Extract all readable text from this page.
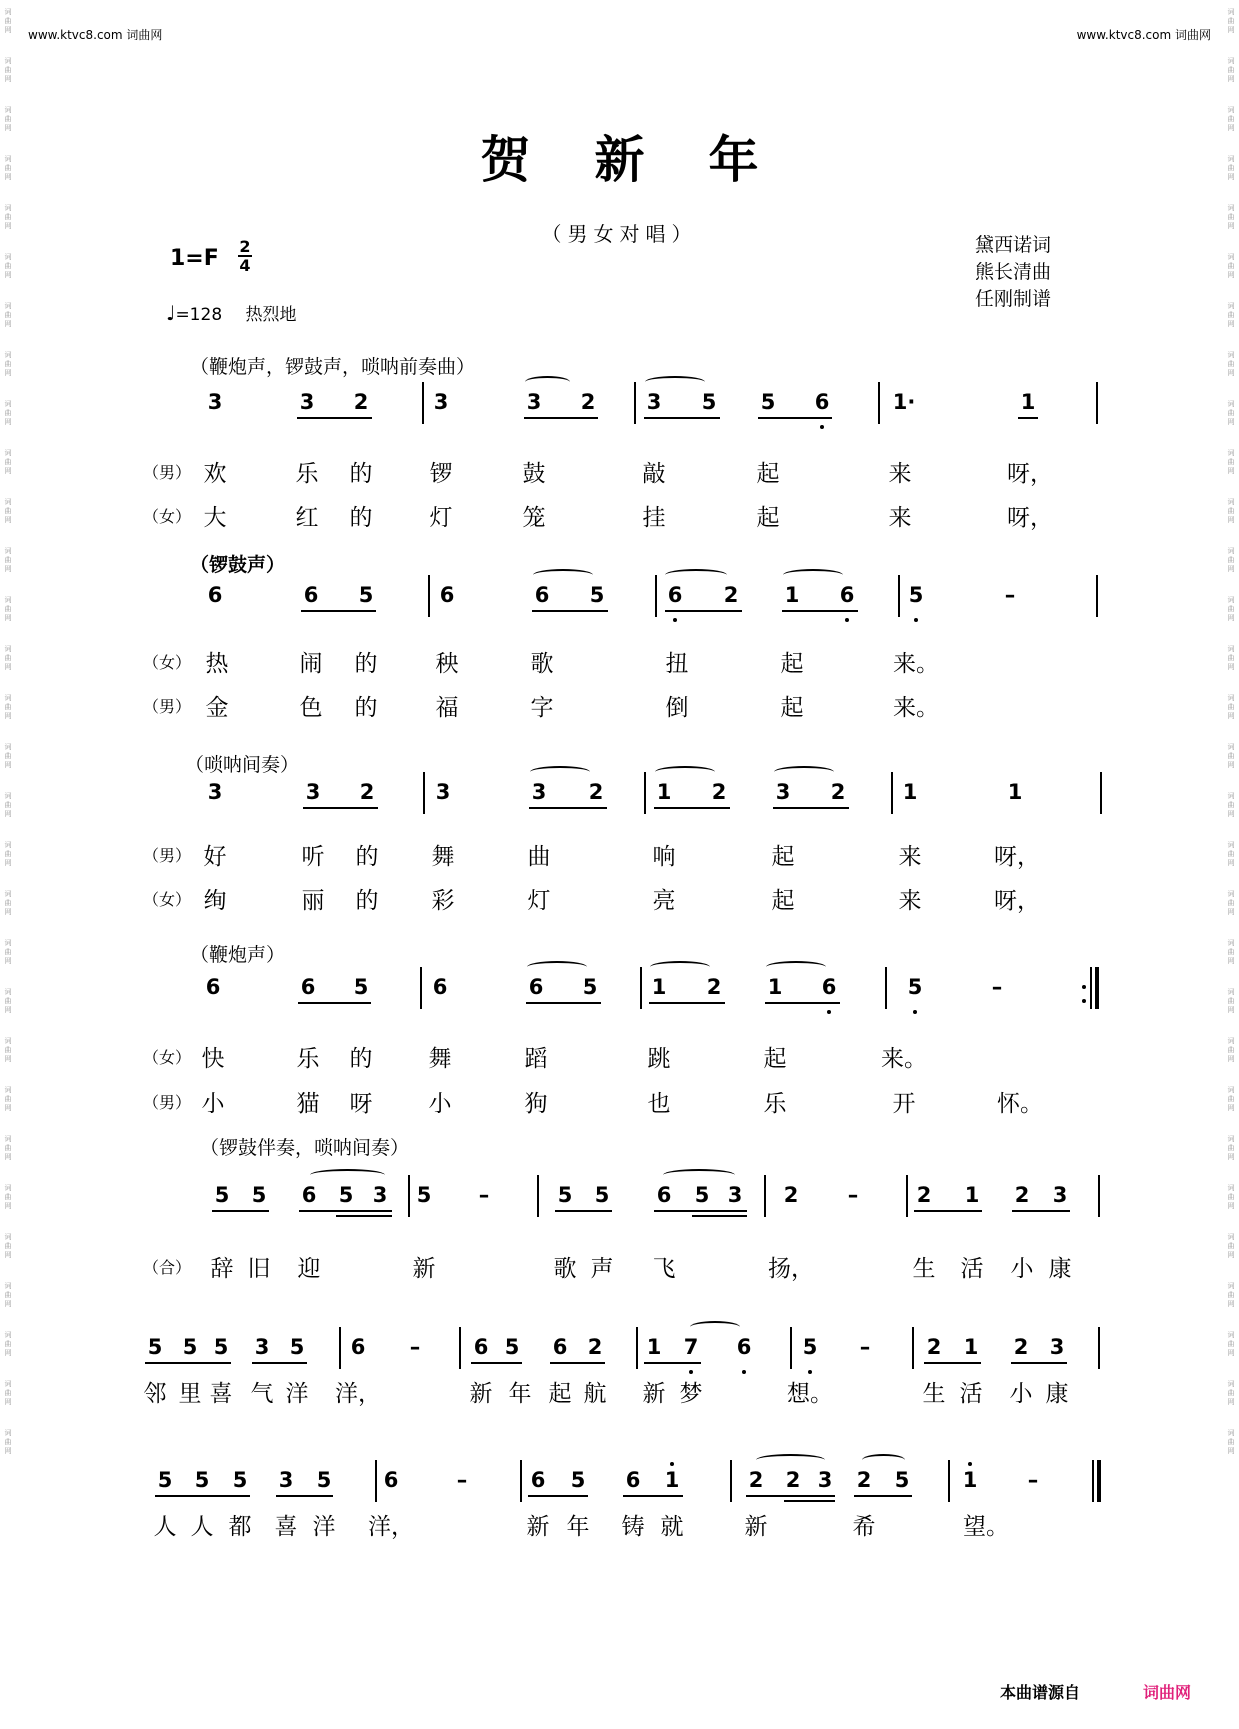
词
曲
网
词
曲
网
词
曲
网
词
曲
网
词
曲
网
词
曲
网
词
曲
网
词
曲
网
词
曲
网
词
曲
网
词
曲
网
词
曲
网
词
曲
网
词
曲
网
词
曲
网
词
曲
网
词
曲
网
词
曲
网
词
曲
网
词
曲
网
词
曲
网
词
曲
网
词
曲
网
词
曲
网
词
曲
网
词
曲
网
词
曲
网
词
曲
网
词
曲
网
词
曲
网
词
曲
网
词
曲
网
词
曲
网
词
曲
网
词
曲
网
词
曲
网
词
曲
网
词
曲
网
词
曲
网
词
曲
网
词
曲
网
词
曲
网
词
曲
网
词
曲
网
词
曲
网
词
曲
网
词
曲
网
词
曲
网
词
曲
网
词
曲
网
词
曲
网
词
曲
网
词
曲
网
词
曲
网
词
曲
网
词
曲
网
词
曲
网
词
曲
网
词
曲
网
词
曲
网
www.ktvc8.com 词曲网	www.ktvc8.com 词曲网
贺新年
（男女对唱）	黛西诺词
熊长清曲
任刚制谱
1=F 2
4
♩=128 热烈地
（鞭炮声，锣鼓声，唢呐前奏曲）
（锣鼓声）
（唢呐间奏）
（鞭炮声）
（锣鼓伴奏，唢呐间奏）
3	3 2	3	3 2 3 5 5 6	1·	1
（男） 欢	乐 的 锣	鼓	敲	起	来	呀，
（女） 大	红 的 灯	笼	挂	起	来	呀，
6	6 5	6	6 5	6 2 1 6	5	–
（女） 热	闹 的	秧	歌	扭	起	来。
（男） 金	色 的	福	字	倒	起	来。
3	3 2	3	3 2	1 2 3 2	1	1
（男） 好	听 的 舞	曲	响	起	来	呀，
（女） 绚	丽 的 彩	灯	亮	起	来	呀，
6	6 5	6	6 5	1 2 1 6	5	–
（女） 快	乐 的 舞	蹈	跳	起	来。
（男） 小	猫 呀 小	狗	也	乐	开	怀。
5 5 6 5 3 5 –	5 5 6 5 3 2 –	2 1 2 3
（合） 辞 旧 迎	新	歌 声 飞	扬，	生 活 小 康
5 5 5 3 5 6 –	6 5 6 2 1 7 6 5 –	2 1 2 3
邻 里 喜 气 洋 洋，	新 年 起 航 新 梦	想。	生 活 小 康
5 5 5 3 5 6	–	6 5 6 1	2 2 3 2 5	1 –
人 人 都 喜 洋 洋，	新 年 铸 就	新	希	望。
本曲谱源自	词曲网
